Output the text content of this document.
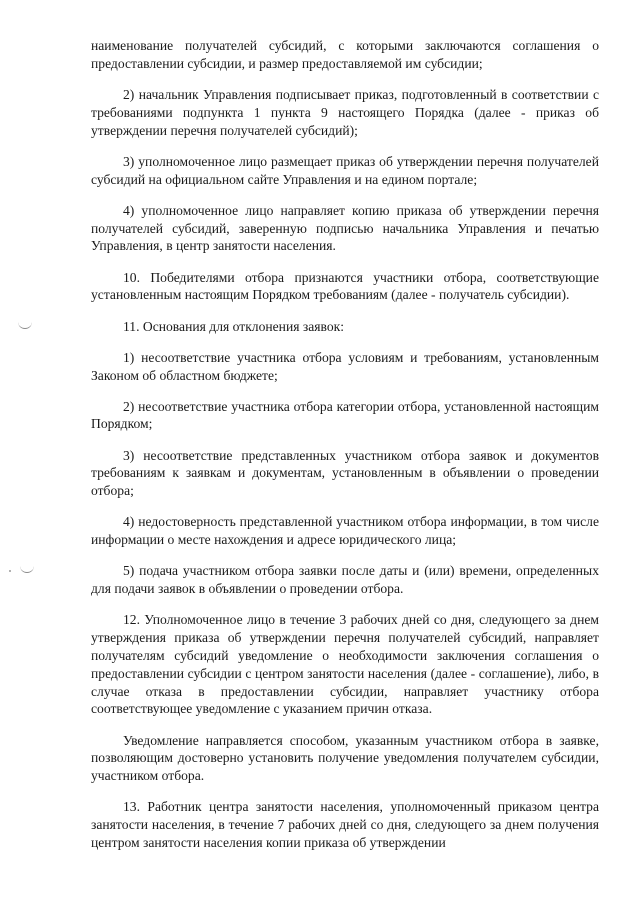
наименование получателей субсидий, с которыми заключаются соглашения о предоставлении субсидии, и размер предоставляемой им субсидии;

2) начальник Управления подписывает приказ, подготовленный в соответствии с требованиями подпункта 1 пункта 9 настоящего Порядка (далее - приказ об утверждении перечня получателей субсидий);

3) уполномоченное лицо размещает приказ об утверждении перечня получателей субсидий на официальном сайте Управления и на едином портале;

4) уполномоченное лицо направляет копию приказа об утверждении перечня получателей субсидий, заверенную подписью начальника Управления и печатью Управления, в центр занятости населения.

10. Победителями отбора признаются участники отбора, соответствующие установленным настоящим Порядком требованиям (далее - получатель субсидии).

11. Основания для отклонения заявок:

1) несоответствие участника отбора условиям и требованиям, установленным Законом об областном бюджете;

2) несоответствие участника отбора категории отбора, установленной настоящим Порядком;

3) несоответствие представленных участником отбора заявок и документов требованиям к заявкам и документам, установленным в объявлении о проведении отбора;

4) недостоверность представленной участником отбора информации, в том числе информации о месте нахождения и адресе юридического лица;

5) подача участником отбора заявки после даты и (или) времени, определенных для подачи заявок в объявлении о проведении отбора.

12. Уполномоченное лицо в течение 3 рабочих дней со дня, следующего за днем утверждения приказа об утверждении перечня получателей субсидий, направляет получателям субсидий уведомление о необходимости заключения соглашения о предоставлении субсидии с центром занятости населения (далее - соглашение), либо, в случае отказа в предоставлении субсидии, направляет участнику отбора соответствующее уведомление с указанием причин отказа.

Уведомление направляется способом, указанным участником отбора в заявке, позволяющим достоверно установить получение уведомления получателем субсидии, участником отбора.

13. Работник центра занятости населения, уполномоченный приказом центра занятости населения, в течение 7 рабочих дней со дня, следующего за днем получения центром занятости населения копии приказа об утверждении
